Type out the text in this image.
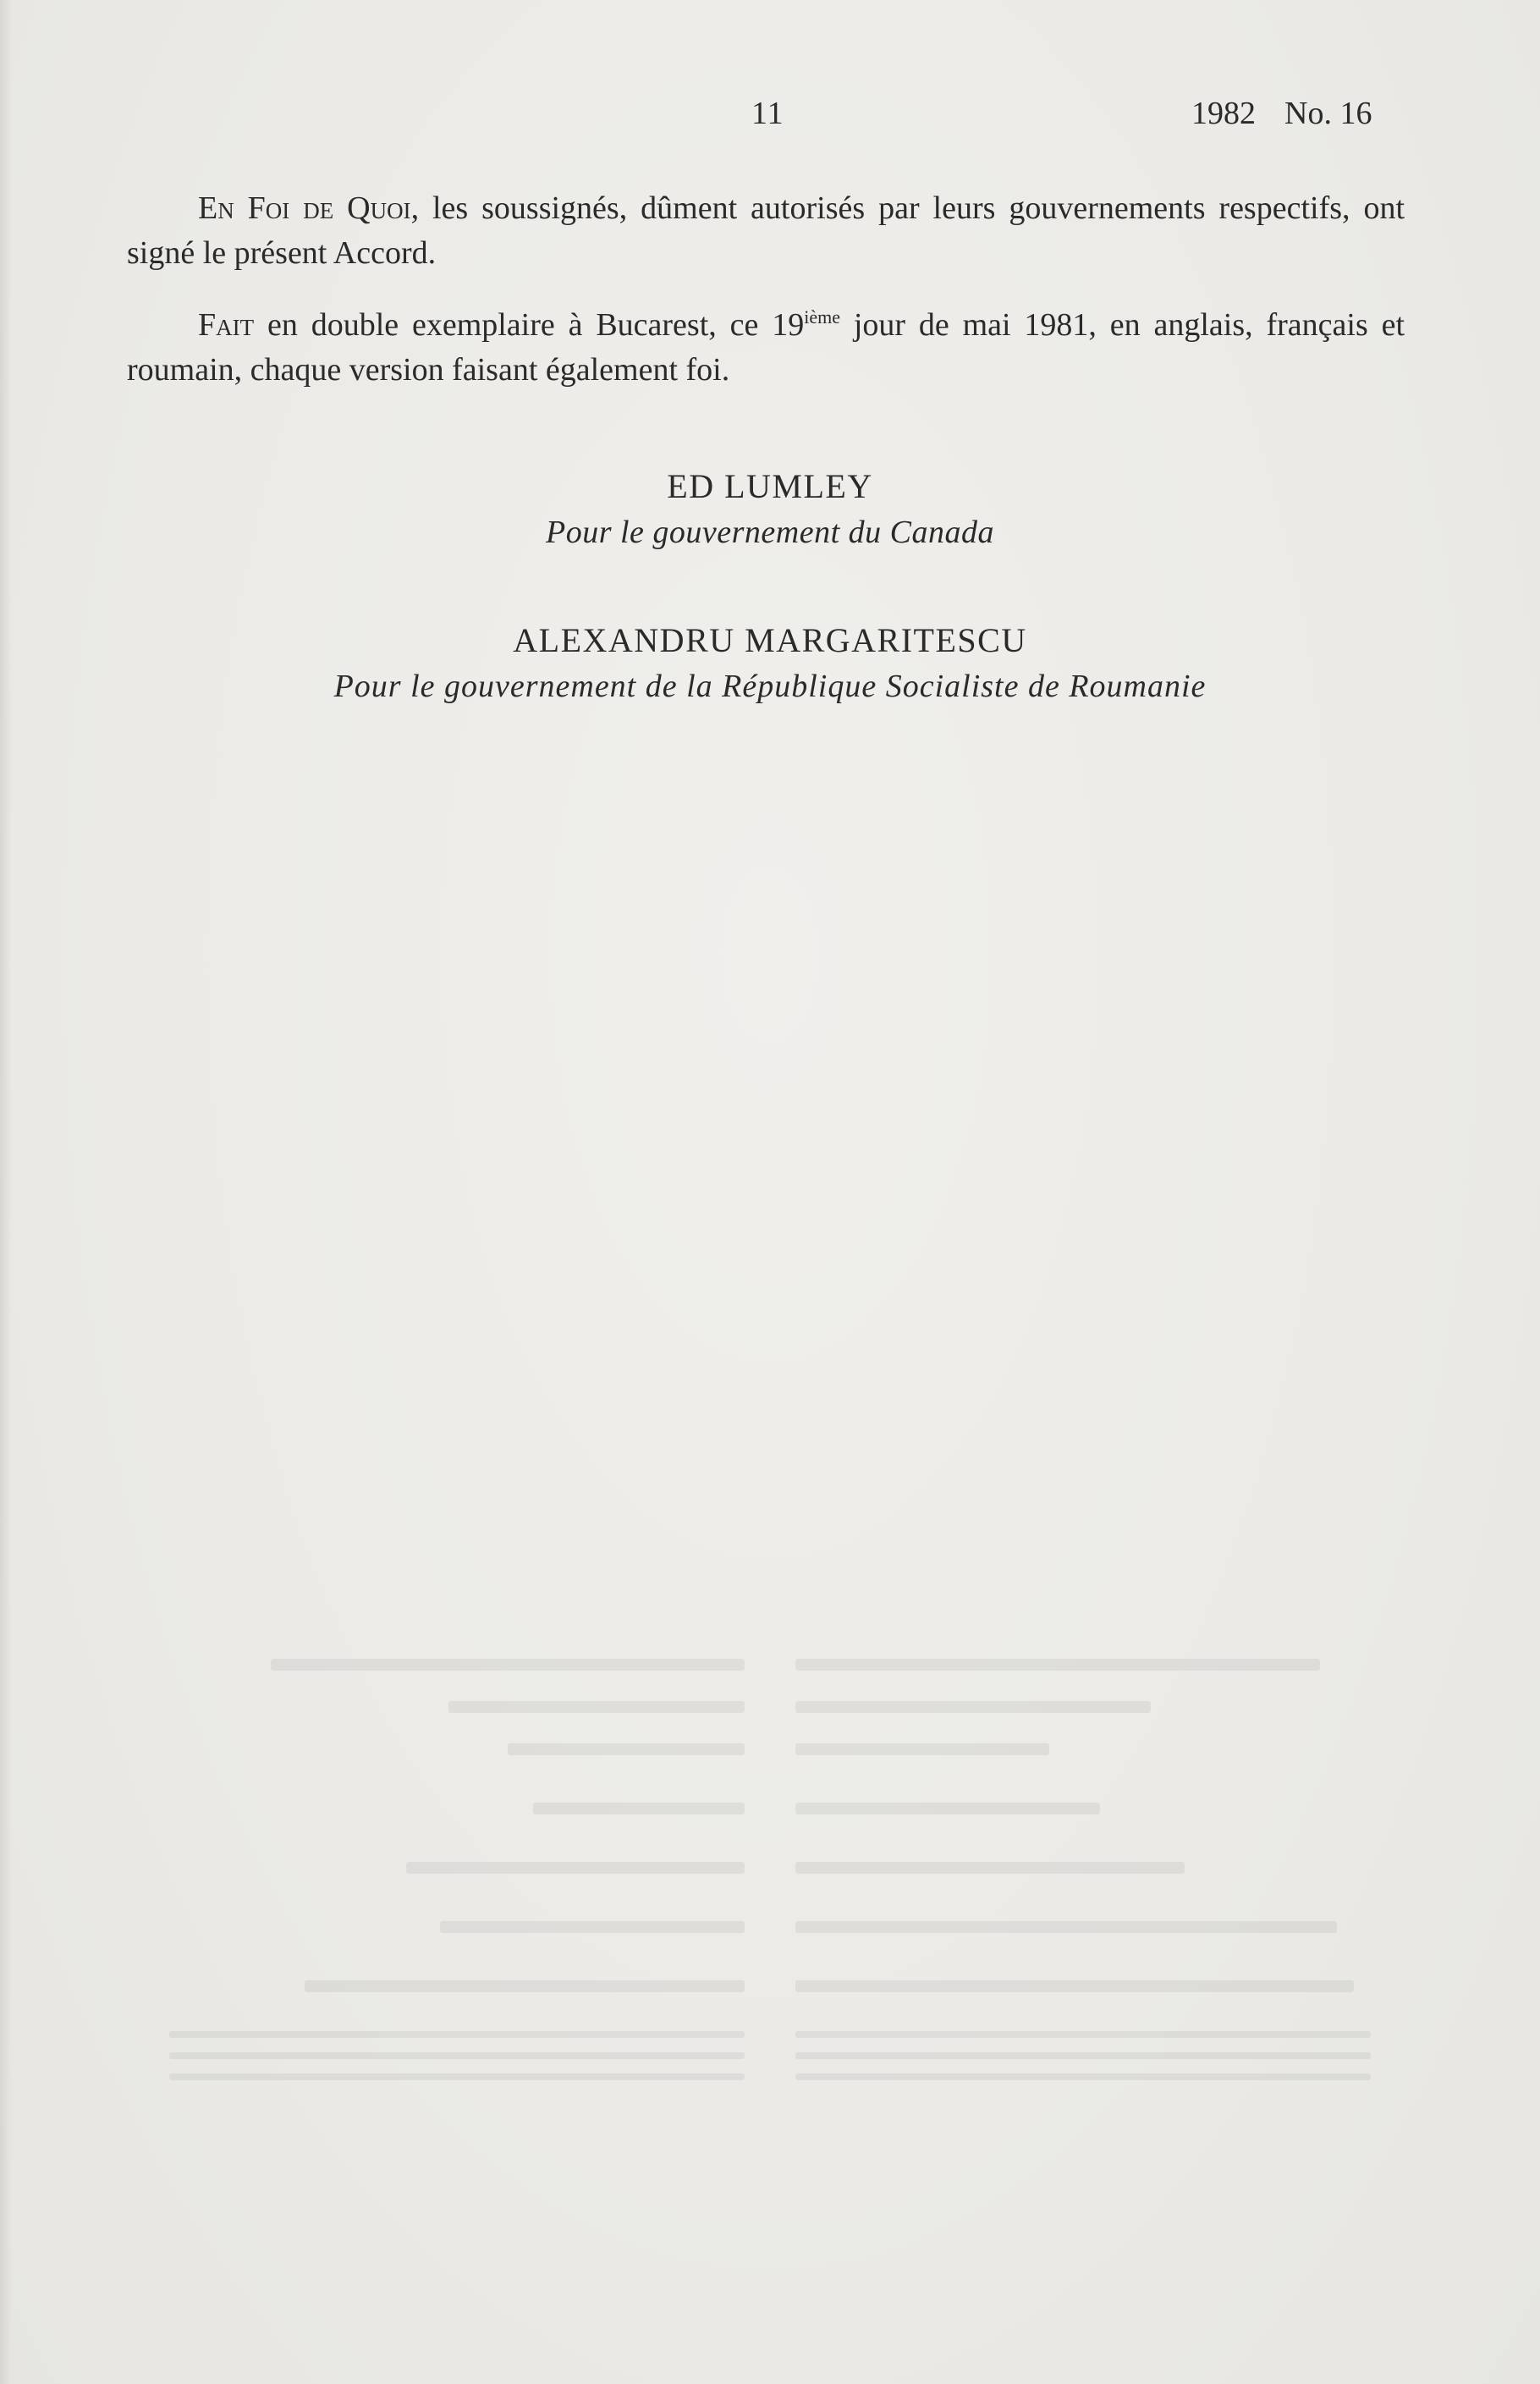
11	1982 No. 16

En Foi de Quoi, les soussignés, dûment autorisés par leurs gouvernements respectifs, ont signé le présent Accord.

Fait en double exemplaire à Bucarest, ce 19ième jour de mai 1981, en anglais, français et roumain, chaque version faisant également foi.

ED LUMLEY
Pour le gouvernement du Canada
ALEXANDRU MARGARITESCU
Pour le gouvernement de la République Socialiste de Roumanie
